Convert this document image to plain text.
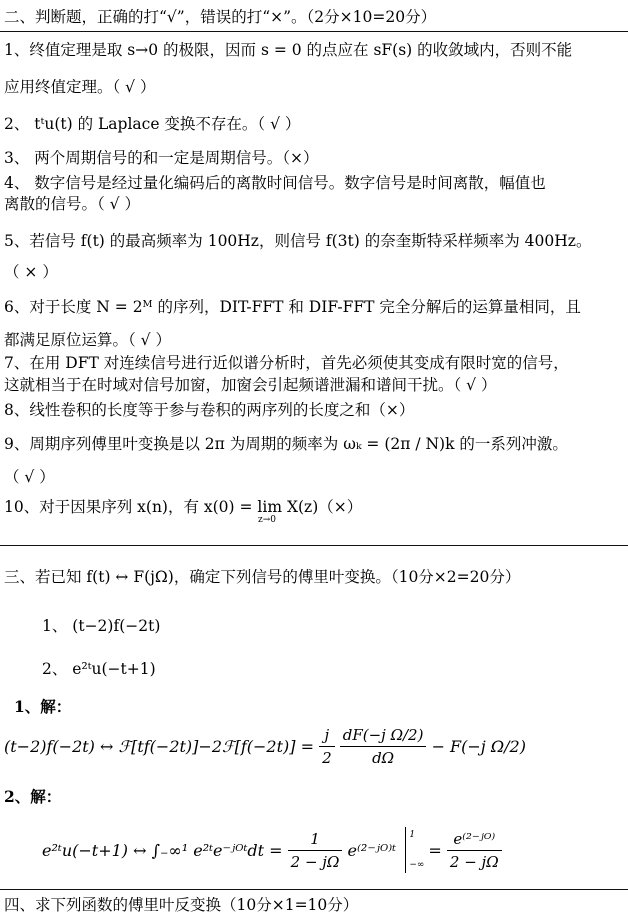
二、判断题，正确的打“√”，错误的打“×”。（2分×10=20分）
1、终值定理是取 s→0 的极限，因而 s = 0 的点应在 sF(s) 的收敛域内，否则不能
应用终值定理。（ √ ）
2、 tᵗu(t) 的 Laplace 变换不存在。（ √ ）
3、 两个周期信号的和一定是周期信号。（×）
4、 数字信号是经过量化编码后的离散时间信号。数字信号是时间离散，幅值也
离散的信号。（ √ ）
5、若信号 f(t) 的最高频率为 100Hz，则信号 f(3t) 的奈奎斯特采样频率为 400Hz。
（ × ）
6、对于长度 N = 2ᴹ 的序列，DIT-FFT 和 DIF-FFT 完全分解后的运算量相同，且
都满足原位运算。（ √ ）
7、在用 DFT 对连续信号进行近似谱分析时，首先必须使其变成有限时宽的信号，
这就相当于在时域对信号加窗，加窗会引起频谱泄漏和谱间干扰。（ √ ）
8、线性卷积的长度等于参与卷积的两序列的长度之和（×）
9、周期序列傅里叶变换是以 2π 为周期的频率为 ωₖ = (2π / N)k 的一系列冲激。
（ √ ）
10、对于因果序列 x(n)，有 x(0) = lim X(z)（×）
z→0
三、若已知 f(t) ↔ F(jΩ)，确定下列信号的傅里叶变换。（10分×2=20分）
1、 (t−2)f(−2t)
2、 e²ᵗu(−t+1)
1、解：
(t−2)f(−2t) ↔ ℱ[tf(−2t)]−2ℱ[f(−2t)] = $\frac{j}{2}$
$\frac{\text{dF(−j Ω/2)}}{d\Omega} - F(-j$ Ω/2)
2、解：
e²ᵗu(−t+1) ↔ ∫₋∞¹ e²ᵗe⁻ʲᴼᵗdt = $\frac{1}{2 - j\Omega}$ e⁽²⁻ʲᴼ⁾ᵗ
1
−∞
= $\frac{\text{e⁽²⁻ʲᴼ⁾}}{2 - j\Omega}$
四、求下列函数的傅里叶反变换（10分×1=10分）
